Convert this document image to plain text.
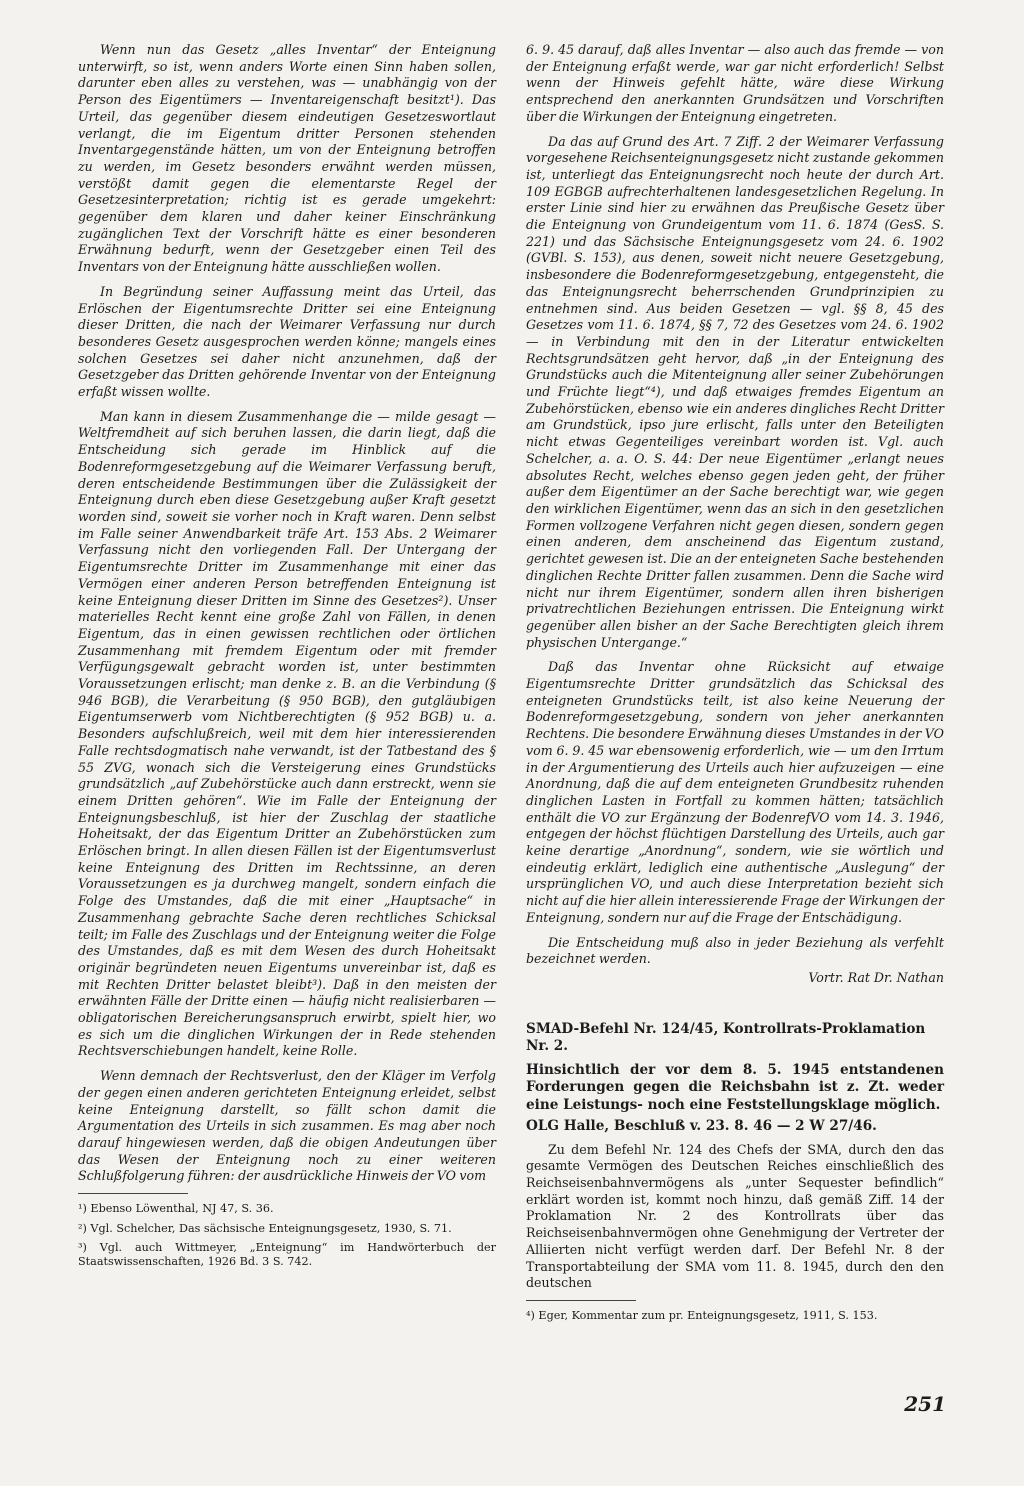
Wenn nun das Gesetz „alles Inventar“ der Enteignung unterwirft, so ist, wenn anders Worte einen Sinn haben sollen, darunter eben alles zu verstehen, was — unabhängig von der Person des Eigentümers — Inventareigenschaft besitzt¹). Das Urteil, das gegenüber diesem eindeutigen Gesetzeswortlaut verlangt, die im Eigentum dritter Personen stehenden Inventargegenstände hätten, um von der Enteignung betroffen zu werden, im Gesetz besonders erwähnt werden müssen, verstößt damit gegen die elementarste Regel der Gesetzesinterpretation; richtig ist es gerade umgekehrt: gegenüber dem klaren und daher keiner Einschränkung zugänglichen Text der Vorschrift hätte es einer besonderen Erwähnung bedurft, wenn der Gesetzgeber einen Teil des Inventars von der Enteignung hätte ausschließen wollen.

In Begründung seiner Auffassung meint das Urteil, das Erlöschen der Eigentumsrechte Dritter sei eine Enteignung dieser Dritten, die nach der Weimarer Verfassung nur durch besonderes Gesetz ausgesprochen werden könne; mangels eines solchen Gesetzes sei daher nicht anzunehmen, daß der Gesetzgeber das Dritten gehörende Inventar von der Enteignung erfaßt wissen wollte.

Man kann in diesem Zusammenhange die — milde gesagt — Weltfremdheit auf sich beruhen lassen, die darin liegt, daß die Entscheidung sich gerade im Hinblick auf die Bodenreformgesetzgebung auf die Weimarer Verfassung beruft, deren entscheidende Bestimmungen über die Zulässigkeit der Enteignung durch eben diese Gesetzgebung außer Kraft gesetzt worden sind, soweit sie vorher noch in Kraft waren. Denn selbst im Falle seiner Anwendbarkeit träfe Art. 153 Abs. 2 Weimarer Verfassung nicht den vorliegenden Fall. Der Untergang der Eigentumsrechte Dritter im Zusammenhange mit einer das Vermögen einer anderen Person betreffenden Enteignung ist keine Enteignung dieser Dritten im Sinne des Gesetzes²). Unser materielles Recht kennt eine große Zahl von Fällen, in denen Eigentum, das in einen gewissen rechtlichen oder örtlichen Zusammenhang mit fremdem Eigentum oder mit fremder Verfügungsgewalt gebracht worden ist, unter bestimmten Voraussetzungen erlischt; man denke z. B. an die Verbindung (§ 946 BGB), die Verarbeitung (§ 950 BGB), den gutgläubigen Eigentumserwerb vom Nichtberechtigten (§ 952 BGB) u. a. Besonders aufschlußreich, weil mit dem hier interessierenden Falle rechtsdogmatisch nahe verwandt, ist der Tatbestand des § 55 ZVG, wonach sich die Versteigerung eines Grundstücks grundsätzlich „auf Zubehörstücke auch dann erstreckt, wenn sie einem Dritten gehören“. Wie im Falle der Enteignung der Enteignungsbeschluß, ist hier der Zuschlag der staatliche Hoheitsakt, der das Eigentum Dritter an Zubehörstücken zum Erlöschen bringt. In allen diesen Fällen ist der Eigentumsverlust keine Enteignung des Dritten im Rechtssinne, an deren Voraussetzungen es ja durchweg mangelt, sondern einfach die Folge des Umstandes, daß die mit einer „Hauptsache“ in Zusammenhang gebrachte Sache deren rechtliches Schicksal teilt; im Falle des Zuschlags und der Enteignung weiter die Folge des Umstandes, daß es mit dem Wesen des durch Hoheitsakt originär begründeten neuen Eigentums unvereinbar ist, daß es mit Rechten Dritter belastet bleibt³). Daß in den meisten der erwähnten Fälle der Dritte einen — häufig nicht realisierbaren — obligatorischen Bereicherungsanspruch erwirbt, spielt hier, wo es sich um die dinglichen Wirkungen der in Rede stehenden Rechtsverschiebungen handelt, keine Rolle.

Wenn demnach der Rechtsverlust, den der Kläger im Verfolg der gegen einen anderen gerichteten Enteignung erleidet, selbst keine Enteignung darstellt, so fällt schon damit die Argumentation des Urteils in sich zusammen. Es mag aber noch darauf hingewiesen werden, daß die obigen Andeutungen über das Wesen der Enteignung noch zu einer weiteren Schlußfolgerung führen: der ausdrückliche Hinweis der VO vom

¹) Ebenso Löwenthal, NJ 47, S. 36.

²) Vgl. Schelcher, Das sächsische Enteignungsgesetz, 1930, S. 71.

³) Vgl. auch Wittmeyer, „Enteignung“ im Handwörterbuch der Staatswissenschaften, 1926 Bd. 3 S. 742.

6. 9. 45 darauf, daß alles Inventar — also auch das fremde — von der Enteignung erfaßt werde, war gar nicht erforderlich! Selbst wenn der Hinweis gefehlt hätte, wäre diese Wirkung entsprechend den anerkannten Grundsätzen und Vorschriften über die Wirkungen der Enteignung eingetreten.

Da das auf Grund des Art. 7 Ziff. 2 der Weimarer Verfassung vorgesehene Reichsenteignungsgesetz nicht zustande gekommen ist, unterliegt das Enteignungsrecht noch heute der durch Art. 109 EGBGB aufrechterhaltenen landesgesetzlichen Regelung. In erster Linie sind hier zu erwähnen das Preußische Gesetz über die Enteignung von Grundeigentum vom 11. 6. 1874 (GesS. S. 221) und das Sächsische Enteignungsgesetz vom 24. 6. 1902 (GVBl. S. 153), aus denen, soweit nicht neuere Gesetzgebung, insbesondere die Bodenreformgesetzgebung, entgegensteht, die das Enteignungsrecht beherrschenden Grundprinzipien zu entnehmen sind. Aus beiden Gesetzen — vgl. §§ 8, 45 des Gesetzes vom 11. 6. 1874, §§ 7, 72 des Gesetzes vom 24. 6. 1902 — in Verbindung mit den in der Literatur entwickelten Rechtsgrundsätzen geht hervor, daß „in der Enteignung des Grundstücks auch die Mitenteignung aller seiner Zubehörungen und Früchte liegt“⁴), und daß etwaiges fremdes Eigentum an Zubehörstücken, ebenso wie ein anderes dingliches Recht Dritter am Grundstück, ipso jure erlischt, falls unter den Beteiligten nicht etwas Gegenteiliges vereinbart worden ist. Vgl. auch Schelcher, a. a. O. S. 44: Der neue Eigentümer „erlangt neues absolutes Recht, welches ebenso gegen jeden geht, der früher außer dem Eigentümer an der Sache berechtigt war, wie gegen den wirklichen Eigentümer, wenn das an sich in den gesetzlichen Formen vollzogene Verfahren nicht gegen diesen, sondern gegen einen anderen, dem anscheinend das Eigentum zustand, gerichtet gewesen ist. Die an der enteigneten Sache bestehenden dinglichen Rechte Dritter fallen zusammen. Denn die Sache wird nicht nur ihrem Eigentümer, sondern allen ihren bisherigen privatrechtlichen Beziehungen entrissen. Die Enteignung wirkt gegenüber allen bisher an der Sache Berechtigten gleich ihrem physischen Untergange.“

Daß das Inventar ohne Rücksicht auf etwaige Eigentumsrechte Dritter grundsätzlich das Schicksal des enteigneten Grundstücks teilt, ist also keine Neuerung der Bodenreformgesetzgebung, sondern von jeher anerkannten Rechtens. Die besondere Erwähnung dieses Umstandes in der VO vom 6. 9. 45 war ebensowenig erforderlich, wie — um den Irrtum in der Argumentierung des Urteils auch hier aufzuzeigen — eine Anordnung, daß die auf dem enteigneten Grundbesitz ruhenden dinglichen Lasten in Fortfall zu kommen hätten; tatsächlich enthält die VO zur Ergänzung der BodenrefVO vom 14. 3. 1946, entgegen der höchst flüchtigen Darstellung des Urteils, auch gar keine derartige „Anordnung“, sondern, wie sie wörtlich und eindeutig erklärt, lediglich eine authentische „Auslegung“ der ursprünglichen VO, und auch diese Interpretation bezieht sich nicht auf die hier allein interessierende Frage der Wirkungen der Enteignung, sondern nur auf die Frage der Entschädigung.

Die Entscheidung muß also in jeder Beziehung als verfehlt bezeichnet werden.

Vortr. Rat Dr. Nathan

SMAD-Befehl Nr. 124/45, Kontrollrats-Proklamation Nr. 2.
Hinsichtlich der vor dem 8. 5. 1945 entstandenen Forderungen gegen die Reichsbahn ist z. Zt. weder eine Leistungs- noch eine Feststellungsklage möglich.
OLG Halle, Beschluß v. 23. 8. 46 — 2 W 27/46.

Zu dem Befehl Nr. 124 des Chefs der SMA, durch den das gesamte Vermögen des Deutschen Reiches einschließlich des Reichseisenbahnvermögens als „unter Sequester befindlich“ erklärt worden ist, kommt noch hinzu, daß gemäß Ziff. 14 der Proklamation Nr. 2 des Kontrollrats über das Reichseisenbahnvermögen ohne Genehmigung der Vertreter der Alliierten nicht verfügt werden darf. Der Befehl Nr. 8 der Transportabteilung der SMA vom 11. 8. 1945, durch den den deutschen

⁴) Eger, Kommentar zum pr. Enteignungsgesetz, 1911, S. 153.

251
